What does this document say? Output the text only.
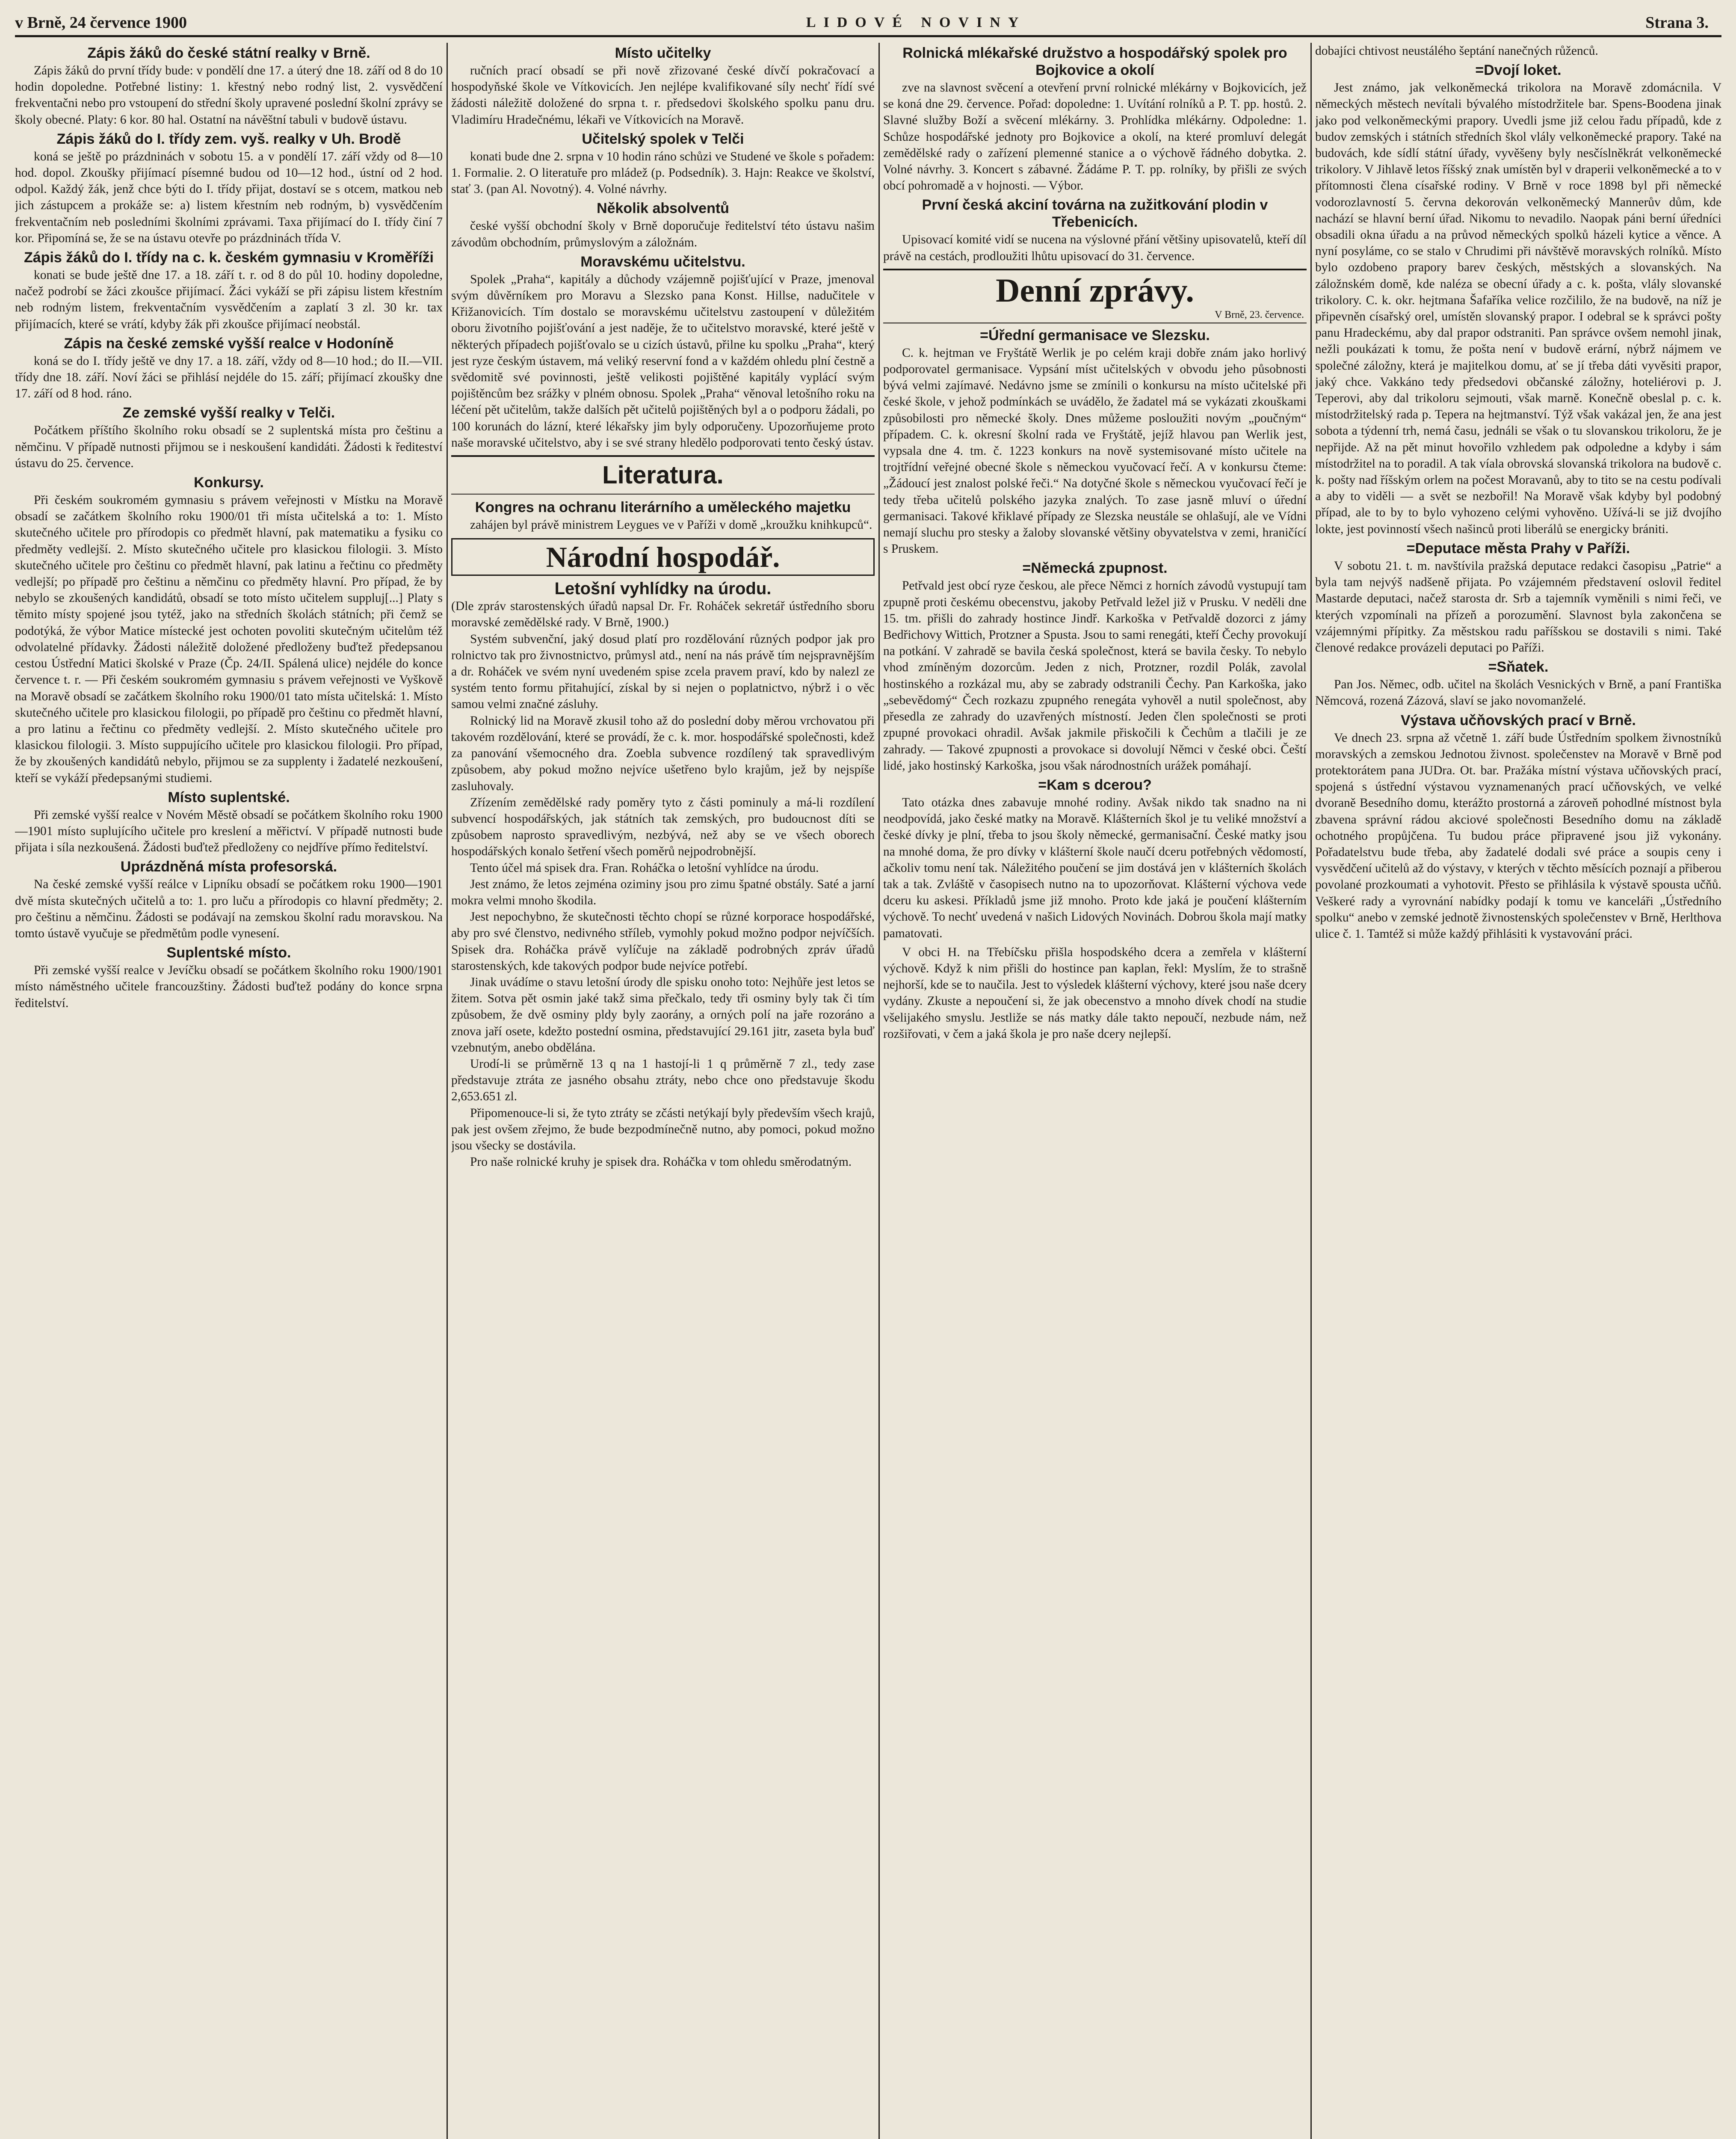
v Brně, 24 července 1900	LIDOVÉ NOVINY	Strana 3.
Zápis žáků do české státní realky v Brně.

Zápis žáků do první třídy bude: v pondělí dne 17. a úterý dne 18. září od 8 do 10 hodin dopoledne. Potřebné listiny: 1. křestný nebo rodný list, 2. vysvědčení frekventačni nebo pro vstoupení do střední školy upravené poslední školní zprávy se školy obecné. Platy: 6 kor. 80 hal. Ostatní na návěštní tabuli v budově ústavu.

Zápis žáků do I. třídy zem. vyš. realky v Uh. Brodě

koná se ještě po prázdninách v sobotu 15. a v pondělí 17. září vždy od 8—10 hod. dopol. Zkoušky přijímací písemné budou od 10—12 hod., ústní od 2 hod. odpol. Každý žák, jenž chce býti do I. třídy přijat, dostaví se s otcem, matkou neb jich zástupcem a prokáže se: a) listem křestním neb rodným, b) vysvědčením frekventačním neb posledními školními zprávami. Taxa přijímací do I. třídy činí 7 kor. Připomíná se, že se na ústavu otevře po prázdninách třída V.

Zápis žáků do I. třídy na c. k. českém gymnasiu v Kroměříži

konati se bude ještě dne 17. a 18. září t. r. od 8 do půl 10. hodiny dopoledne, načež podrobí se žáci zkoušce přijímací. Žáci vykáží se při zápisu listem křestním neb rodným listem, frekventačním vysvědčením a zaplatí 3 zl. 30 kr. tax přijímacích, které se vrátí, kdyby žák při zkoušce přijímací neobstál.

Zápis na české zemské vyšší realce v Hodoníně

koná se do I. třídy ještě ve dny 17. a 18. září, vždy od 8—10 hod.; do II.—VII. třídy dne 18. září. Noví žáci se přihlásí nejdéle do 15. září; přijímací zkoušky dne 17. září od 8 hod. ráno.

Ze zemské vyšší realky v Telči.

Počátkem příštího školního roku obsadí se 2 suplentská místa pro češtinu a němčinu. V případě nutnosti přijmou se i neskoušení kandidáti. Žádosti k řediteství ústavu do 25. července.

Konkursy.

Při českém soukromém gymnasiu s právem veřejnosti v Místku na Moravě obsadí se začátkem školního roku 1900/01 tři místa učitelská a to: 1. Místo skutečného učitele pro přírodopis co předmět hlavní, pak matematiku a fysiku co předměty vedlejší. 2. Místo skutečného učitele pro klasickou filologii. 3. Místo skutečného učitele pro češtinu co předmět hlavní, pak latinu a řečtinu co předměty vedlejší; po případě pro češtinu a němčinu co předměty hlavní. Pro případ, že by nebylo se zkoušených kandidátů, obsadí se toto místo učitelem suppluj[...] Platy s těmito místy spojené jsou tytéž, jako na středních školách státních; při čemž se podotýká, že výbor Matice místecké jest ochoten povoliti skutečným učitelům též odvolatelné přídavky. Žádosti náležitě doložené předloženy buďtež předepsanou cestou Ústřední Matici školské v Praze (Čp. 24/II. Spálená ulice) nejdéle do konce července t. r. — Při českém soukromém gymnasiu s právem veřejnosti ve Vyškově na Moravě obsadí se začátkem školního roku 1900/01 tato místa učitelská: 1. Místo skutečného učitele pro klasickou filologii, po případě pro češtinu co předmět hlavní, a pro latinu a řečtinu co předměty vedlejší. 2. Místo skutečného učitele pro klasickou filologii. 3. Místo suppujícího učitele pro klasickou filologii. Pro případ, že by zkoušených kandidátů nebylo, přijmou se za supplenty i žadatelé nezkoušení, kteří se vykáží předepsanými studiemi.

Místo suplentské.

Při zemské vyšší realce v Novém Městě obsadí se počátkem školního roku 1900—1901 místo suplujícího učitele pro kreslení a měřictví. V případě nutnosti bude přijata i síla nezkoušená. Žádosti buďtež předloženy co nejdříve přímo ředitelství.

Uprázdněná místa profesorská.

Na české zemské vyšší reálce v Lipníku obsadí se počátkem roku 1900—1901 dvě místa skutečných učitelů a to: 1. pro luču a přírodopis co hlavní předměty; 2. pro češtinu a němčinu. Žádosti se podávají na zemskou školní radu moravskou. Na tomto ústavě vyučuje se předmětům podle vynesení.

Suplentské místo.

Při zemské vyšší realce v Jevíčku obsadí se počátkem školního roku 1900/1901 místo náměstného učitele francouzštiny. Žádosti buďtež podány do konce srpna ředitelství.

Místo učitelky

ručních prací obsadí se při nově zřizované české dívčí pokračovací a hospodyňské škole ve Vítkovicích. Jen nejlépe kvalifikované síly nechť řídí své žádosti náležitě doložené do srpna t. r. předsedovi školského spolku panu dru. Vladimíru Hradečnému, lékaři ve Vítkovicích na Moravě.

Učitelský spolek v Telči

konati bude dne 2. srpna v 10 hodin ráno schůzi ve Studené ve škole s pořadem: 1. Formalie. 2. O literatuře pro mládež (p. Podsedník). 3. Hajn: Reakce ve školství, stať 3. (pan Al. Novotný). 4. Volné návrhy.

Několik absolventů

české vyšší obchodní školy v Brně doporučuje ředitelství této ústavu našim závodům obchodním, průmyslovým a záložnám.

Moravskému učitelstvu.

Spolek „Praha“, kapitály a důchody vzájemně pojišťující v Praze, jmenoval svým důvěrníkem pro Moravu a Slezsko pana Konst. Hillse, nadučitele v Křižanovicích. Tím dostalo se moravskému učitelstvu zastoupení v důležitém oboru životního pojišťování a jest naděje, že to učitelstvo moravské, které ještě v některých případech pojišťovalo se u cizích ústavů, přilne ku spolku „Praha“, který jest ryze českým ústavem, má veliký reservní fond a v každém ohledu plní čestně a svědomitě své povinnosti, ještě velikosti pojištěné kapitály vyplácí svým pojištěncům bez srážky v plném obnosu. Spolek „Praha“ věnoval letošního roku na léčení pět učitelům, takže dalších pět učitelů pojištěných byl a o podporu žádali, po 100 korunách do lázní, které lékařsky jim byly odporučeny. Upozorňujeme proto naše moravské učitelstvo, aby i se své strany hledělo podporovati tento český ústav.

Literatura.
Kongres na ochranu literárního a uměleckého majetku

zahájen byl právě ministrem Leygues ve v Paříži v domě „kroužku knihkupců“.

Národní hospodář.
Letošní vyhlídky na úrodu.

(Dle zpráv starostenských úřadů napsal Dr. Fr. Roháček sekretář ústředního sboru moravské zemědělské rady. V Brně, 1900.)

Systém subvenční, jaký dosud platí pro rozdělování různých podpor jak pro rolnictvo tak pro živnostnictvo, průmysl atd., není na nás právě tím nejspravnějším a dr. Roháček ve svém nyní uvedeném spise zcela pravem praví, kdo by nalezl ze systém tento formu přitahující, získal by si nejen o poplatnictvo, nýbrž i o věc samou velmi značné zásluhy.

Rolnický lid na Moravě zkusil toho až do poslední doby měrou vrchovatou při takovém rozdělování, které se provádí, že c. k. mor. hospodářské společnosti, kdež za panování všemocného dra. Zoebla subvence rozdílený tak spravedlivým způsobem, aby pokud možno nejvíce ušetřeno bylo krajům, jež by nejspíše zasluhovaly.

Zřízením zemědělské rady poměry tyto z části pominuly a má-li rozdílení subvencí hospodářských, jak státních tak zemských, pro budoucnost díti se způsobem naprosto spravedlivým, nezbývá, než aby se ve všech oborech hospodářských konalo šetření všech poměrů nejpodrobnější.

Tento účel má spisek dra. Fran. Roháčka o letošní vyhlídce na úrodu.

Jest známo, že letos zejména oziminy jsou pro zimu špatné obstály. Saté a jarní mokra velmi mnoho škodila.

Jest nepochybno, že skutečnosti těchto chopí se různé korporace hospodářské, aby pro své členstvo, nedivného stříleb, vymohly pokud možno podpor nejvíčších. Spisek dra. Roháčka právě vylíčuje na základě podrobných zpráv úřadů starostenských, kde takových podpor bude nejvíce potřebí.

Jinak uvádíme o stavu letošní úrody dle spisku onoho toto: Nejhůře jest letos se žitem. Sotva pět osmin jaké takž sima přečkalo, tedy tři osminy byly tak či tím způsobem, že dvě osminy pldy byly zaorány, a orných polí na jaře rozoráno a znova jaří osete, kdežto postední osmina, představující 29.161 jitr, zaseta byla buď vzebnutým, anebo obdělána.

Urodí-li se průměrně 13 q na 1 hastojí-li 1 q průměrně 7 zl., tedy zase představuje ztráta ze jasného obsahu ztráty, nebo chce ono představuje škodu 2,653.651 zl.

Připomenouce-li si, že tyto ztráty se zčásti netýkají byly především všech krajů, pak jest ovšem zřejmo, že bude bezpodmínečně nutno, aby pomoci, pokud možno jsou všecky se dostávila.

Pro naše rolnické kruhy je spisek dra. Roháčka v tom ohledu směrodatným.

Rolnická mlékařské družstvo a hospodářský spolek pro Bojkovice a okolí

zve na slavnost svěcení a otevření první rolnické mlékárny v Bojkovicích, jež se koná dne 29. července. Pořad: dopoledne: 1. Uvítání rolníků a P. T. pp. hostů. 2. Slavné služby Boží a svěcení mlékárny. 3. Prohlídka mlékárny. Odpoledne: 1. Schůze hospodářské jednoty pro Bojkovice a okolí, na které promluví delegát zemědělské rady o zařízení plemenné stanice a o výchově řádného dobytka. 2. Volné návrhy. 3. Koncert s zábavné. Žádáme P. T. pp. rolníky, by přišli ze svých obcí pohromadě a v hojnosti. — Výbor.

První česká akciní továrna na zužitkování plodin v Třebenicích.

Upisovací komité vidí se nucena na výslovné přání většiny upisovatelů, kteří díl právě na cestách, prodloužiti lhůtu upisovací do 31. července.

Denní zprávy.
V Brně, 23. července.
=Úřední germanisace ve Slezsku.

C. k. hejtman ve Fryštátě Werlik je po celém kraji dobře znám jako horlivý podporovatel germanisace. Vypsání míst učitelských v obvodu jeho působnosti bývá velmi zajímavé. Nedávno jsme se zmínili o konkursu na místo učitelské při české škole, v jehož podmínkách se uvádělo, že žadatel má se vykázati zkouškami způsobilosti pro německé školy. Dnes můžeme posloužiti novým „poučným“ případem. C. k. okresní školní rada ve Fryštátě, jejíž hlavou pan Werlik jest, vypsala dne 4. tm. č. 1223 konkurs na nově systemisované místo učitele na trojtřídní veřejné obecné škole s německou vyučovací řečí. A v konkursu čteme: „Žádoucí jest znalost polské řeči.“ Na dotyčné škole s německou vyučovací řečí je tedy třeba učitelů polského jazyka znalých. To zase jasně mluví o úřední germanisaci. Takové křiklavé případy ze Slezska neustále se ohlašují, ale ve Vídni nemají sluchu pro stesky a žaloby slovanské většiny obyvatelstva v zemi, hraničící s Pruskem.

=Německá zpupnost.

Petřvald jest obcí ryze českou, ale přece Němci z horních závodů vystupují tam zpupně proti českému obecenstvu, jakoby Petřvald ležel již v Prusku. V neděli dne 15. tm. přišli do zahrady hostince Jindř. Karkoška v Petřvaldě dozorci z jámy Bedřichovy Wittich, Protzner a Spusta. Jsou to sami renegáti, kteří Čechy provokují na potkání. V zahradě se bavila česká společnost, která se bavila česky. To nebylo vhod zmíněným dozorcům. Jeden z nich, Protzner, rozdil Polák, zavolal hostinského a rozkázal mu, aby se zabrady odstranili Čechy. Pan Karkoška, jako „sebevědomý“ Čech rozkazu zpupného renegáta vyhověl a nutil společnost, aby přesedla ze zahrady do uzavřených místností. Jeden člen společnosti se proti zpupné provokaci ohradil. Avšak jakmile přiskočili k Čechům a tlačili je ze zahrady. — Takové zpupnosti a provokace si dovolují Němci v české obci. Čeští lidé, jako hostinský Karkoška, jsou však národnostních urážek pomáhají.

=Kam s dcerou?

Tato otázka dnes zabavuje mnohé rodiny. Avšak nikdo tak snadno na ni neodpovídá, jako české matky na Moravě. Klášterních škol je tu veliké množství a české dívky je plní, třeba to jsou školy německé, germanisační. České matky jsou na mnohé doma, že pro dívky v klášterní škole naučí dceru potřebných vědomostí, ačkoliv tomu není tak. Náležitého poučení se jim dostává jen v klášterních školách tak a tak. Zvláště v časopisech nutno na to upozorňovat. Klášterní výchova vede dceru ku askesi. Příkladů jsme již mnoho. Proto kde jaká je poučení klášterním výchově. To nechť uvedená v našich Lidových Novinách. Dobrou škola mají matky pamatovati.

V obci H. na Třebíčsku přišla hospodského dcera a zemřela v klášterní výchově. Když k nim přišli do hostince pan kaplan, řekl: Myslím, že to strašně nejhorší, kde se to naučila. Jest to výsledek klášterní výchovy, které jsou naše dcery vydány. Zkuste a nepoučení si, že jak obecenstvo a mnoho dívek chodí na studie všelijakého smyslu. Jestliže se nás matky dále takto nepoučí, nezbude nám, než rozšiřovati, v čem a jaká škola je pro naše dcery nejlepší.

dobajíci chtivost neustálého šeptání nanečných růženců.

=Dvojí loket.

Jest známo, jak velkoněmecká trikolora na Moravě zdomácnila. V německých městech nevítali bývalého místodržitele bar. Spens-Boodena jinak jako pod velkoněmeckými prapory. Uvedli jsme již celou řadu případů, kde z budov zemských i státních středních škol vlály velkoněmecké prapory. Také na budovách, kde sídlí státní úřady, vyvěšeny byly nesčíslněkrát velkoněmecké trikolory. V Jihlavě letos říšský znak umístěn byl v draperii velkoněmecké a to v přítomnosti člena císařské rodiny. V Brně v roce 1898 byl při německé vodorozlavností 5. června dekorován velkoněmecký Mannerův dům, kde nachází se hlavní berní úřad. Nikomu to nevadilo. Naopak páni berní úředníci obsadili okna úřadu a na průvod německých spolků házeli kytice a věnce. A nyní posyláme, co se stalo v Chrudimi při návštěvě moravských rolníků. Místo bylo ozdobeno prapory barev českých, městských a slovanských. Na záložnském domě, kde naléza se obecní úřady a c. k. pošta, vlály slovanské trikolory. C. k. okr. hejtmana Šafaříka velice rozčililo, že na budově, na níž je připevněn císařský orel, umístěn slovanský prapor. I odebral se k správci pošty panu Hradeckému, aby dal prapor odstraniti. Pan správce ovšem nemohl jinak, nežli poukázati k tomu, že pošta není v budově erární, nýbrž nájmem ve společné záložny, která je majitelkou domu, ať se jí třeba dáti vyvěsiti prapor, jaký chce. Vakkáno tedy předsedovi občanské záložny, hoteliérovi p. J. Teperovi, aby dal trikoloru sejmouti, však marně. Konečně obeslal p. c. k. místodržitelský rada p. Tepera na hejtmanství. Týž však vakázal jen, že ana jest sobota a týdenní trh, nemá času, jednáli se však o tu slovanskou trikoloru, že je nepřijde. Až na pět minut hovořilo vzhledem pak odpoledne a kdyby i sám místodržitel na to poradil. A tak víala obrovská slovanská trikolora na budově c. k. pošty nad říšským orlem na počest Moravanů, aby to tito se na cestu podívali a aby to viděli — a svět se nezbořil! Na Moravě však kdyby byl podobný případ, ale to by to bylo vyhozeno celými vyhověno. Užívá-li se již dvojího lokte, jest povinností všech našinců proti liberálů se energicky brániti.

=Deputace města Prahy v Paříži.

V sobotu 21. t. m. navštívila pražská deputace redakci časopisu „Patrie“ a byla tam nejvýš nadšeně přijata. Po vzájemném představení oslovil ředitel Mastarde deputaci, načež starosta dr. Srb a tajemník vyměnili s nimi řeči, ve kterých vzpomínali na přízeň a porozumění. Slavnost byla zakončena se vzájemnými přípitky. Za městskou radu paříšskou se dostavili s nimi. Také členové redakce provázeli deputaci po Paříži.

=Sňatek.

Pan Jos. Němec, odb. učitel na školách Vesnických v Brně, a paní Františka Němcová, rozená Zázová, slaví se jako novomanželé.

Výstava učňovských prací v Brně.

Ve dnech 23. srpna až včetně 1. září bude Ústředním spolkem živnostníků moravských a zemskou Jednotou živnost. společenstev na Moravě v Brně pod protektorátem pana JUDra. Ot. bar. Pražáka místní výstava učňovských prací, spojená s ústřední výstavou vyznamenaných prací učňovských, ve velké dvoraně Besedního domu, kterážto prostorná a zároveň pohodlné místnost byla zbavena správní rádou akciové společnosti Besedního domu na základě ochotného propůjčena. Tu budou práce připravené jsou již vykonány. Pořadatelstvu bude třeba, aby žadatelé dodali své práce a soupis ceny i vysvědčení učitelů až do výstavy, v kterých v těchto měsících poznají a přiberou povolané prozkoumati a vyhotovit. Přesto se přihlásila k výstavě spousta učňů. Veškeré rady a vyrovnání nabídky podají k tomu ve kanceláři „Ústředního spolku“ anebo v zemské jednotě živnostenských společenstev v Brně, Herlthova ulice č. 1. Tamtéž si může každý přihlásiti k vystavování práci.
